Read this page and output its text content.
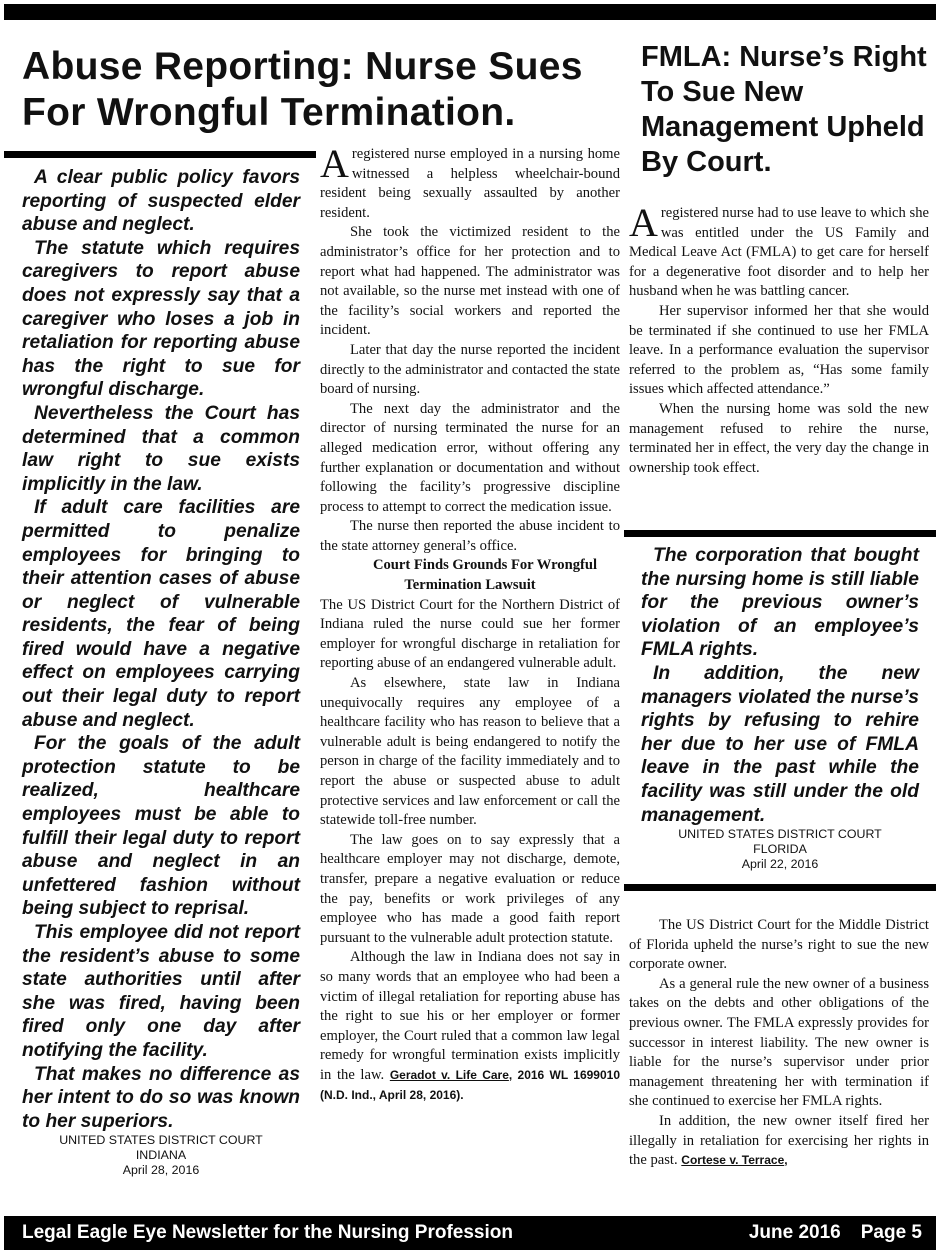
Abuse Reporting: Nurse Sues For Wrongful Termination.
FMLA: Nurse’s Right To Sue New Management Upheld By Court.

A clear public policy favors reporting of suspected elder abuse and neglect.

The statute which requires caregivers to report abuse does not expressly say that a caregiver who loses a job in retaliation for reporting abuse has the right to sue for wrongful discharge.

Nevertheless the Court has determined that a common law right to sue exists implicitly in the law.

If adult care facilities are permitted to penalize employees for bringing to their attention cases of abuse or neglect of vulnerable residents, the fear of being fired would have a negative effect on employees carrying out their legal duty to report abuse and neglect.

For the goals of the adult protection statute to be realized, healthcare employees must be able to fulfill their legal duty to report abuse and neglect in an unfettered fashion without being subject to reprisal.

This employee did not report the resident’s abuse to some state authorities until after she was fired, having been fired only one day after notifying the facility.

That makes no difference as her intent to do so was known to her superiors.

UNITED STATES DISTRICT COURT
INDIANA
April 28, 2016

Aregistered nurse employed in a nursing home witnessed a helpless wheelchair-bound resident being sexually assaulted by another resident.

She took the victimized resident to the administrator’s office for her protection and to report what had happened. The administrator was not available, so the nurse met instead with one of the facility’s social workers and reported the incident.

Later that day the nurse reported the incident directly to the administrator and contacted the state board of nursing.

The next day the administrator and the director of nursing terminated the nurse for an alleged medication error, without offering any further explanation or documentation and without following the facility’s progressive discipline process to attempt to correct the medication issue.

The nurse then reported the abuse incident to the state attorney general’s office.

Court Finds Grounds For Wrongful Termination Lawsuit

The US District Court for the Northern District of Indiana ruled the nurse could sue her former employer for wrongful discharge in retaliation for reporting abuse of an endangered vulnerable adult.

As elsewhere, state law in Indiana unequivocally requires any employee of a healthcare facility who has reason to believe that a vulnerable adult is being endangered to notify the person in charge of the facility immediately and to report the abuse or suspected abuse to adult protective services and law enforcement or call the statewide toll-free number.

The law goes on to say expressly that a healthcare employer may not discharge, demote, transfer, prepare a negative evaluation or reduce the pay, benefits or work privileges of any employee who has made a good faith report pursuant to the vulnerable adult protection statute.

Although the law in Indiana does not say in so many words that an employee who had been a victim of illegal retaliation for reporting abuse has the right to sue his or her employer or former employer, the Court ruled that a common law legal remedy for wrongful termination exists implicitly in the law. Geradot v. Life Care, 2016 WL 1699010 (N.D. Ind., April 28, 2016).

Aregistered nurse had to use leave to which she was entitled under the US Family and Medical Leave Act (FMLA) to get care for herself for a degenerative foot disorder and to help her husband when he was battling cancer.

Her supervisor informed her that she would be terminated if she continued to use her FMLA leave. In a performance evaluation the supervisor referred to the problem as, “Has some family issues which affected attendance.”

When the nursing home was sold the new management refused to rehire the nurse, terminated her in effect, the very day the change in ownership took effect.

The corporation that bought the nursing home is still liable for the previous owner’s violation of an employee’s FMLA rights.

In addition, the new managers violated the nurse’s rights by refusing to rehire her due to her use of FMLA leave in the past while the facility was still under the old management.

UNITED STATES DISTRICT COURT
FLORIDA
April 22, 2016

The US District Court for the Middle District of Florida upheld the nurse’s right to sue the new corporate owner.

As a general rule the new owner of a business takes on the debts and other obligations of the previous owner. The FMLA expressly provides for successor in interest liability. The new owner is liable for the nurse’s supervisor under prior management threatening her with termination if she continued to exercise her FMLA rights.

In addition, the new owner itself fired her illegally in retaliation for exercising her rights in the past. Cortese v. Terrace,

Legal Eagle Eye Newsletter for the Nursing Profession	June 2016 Page 5
